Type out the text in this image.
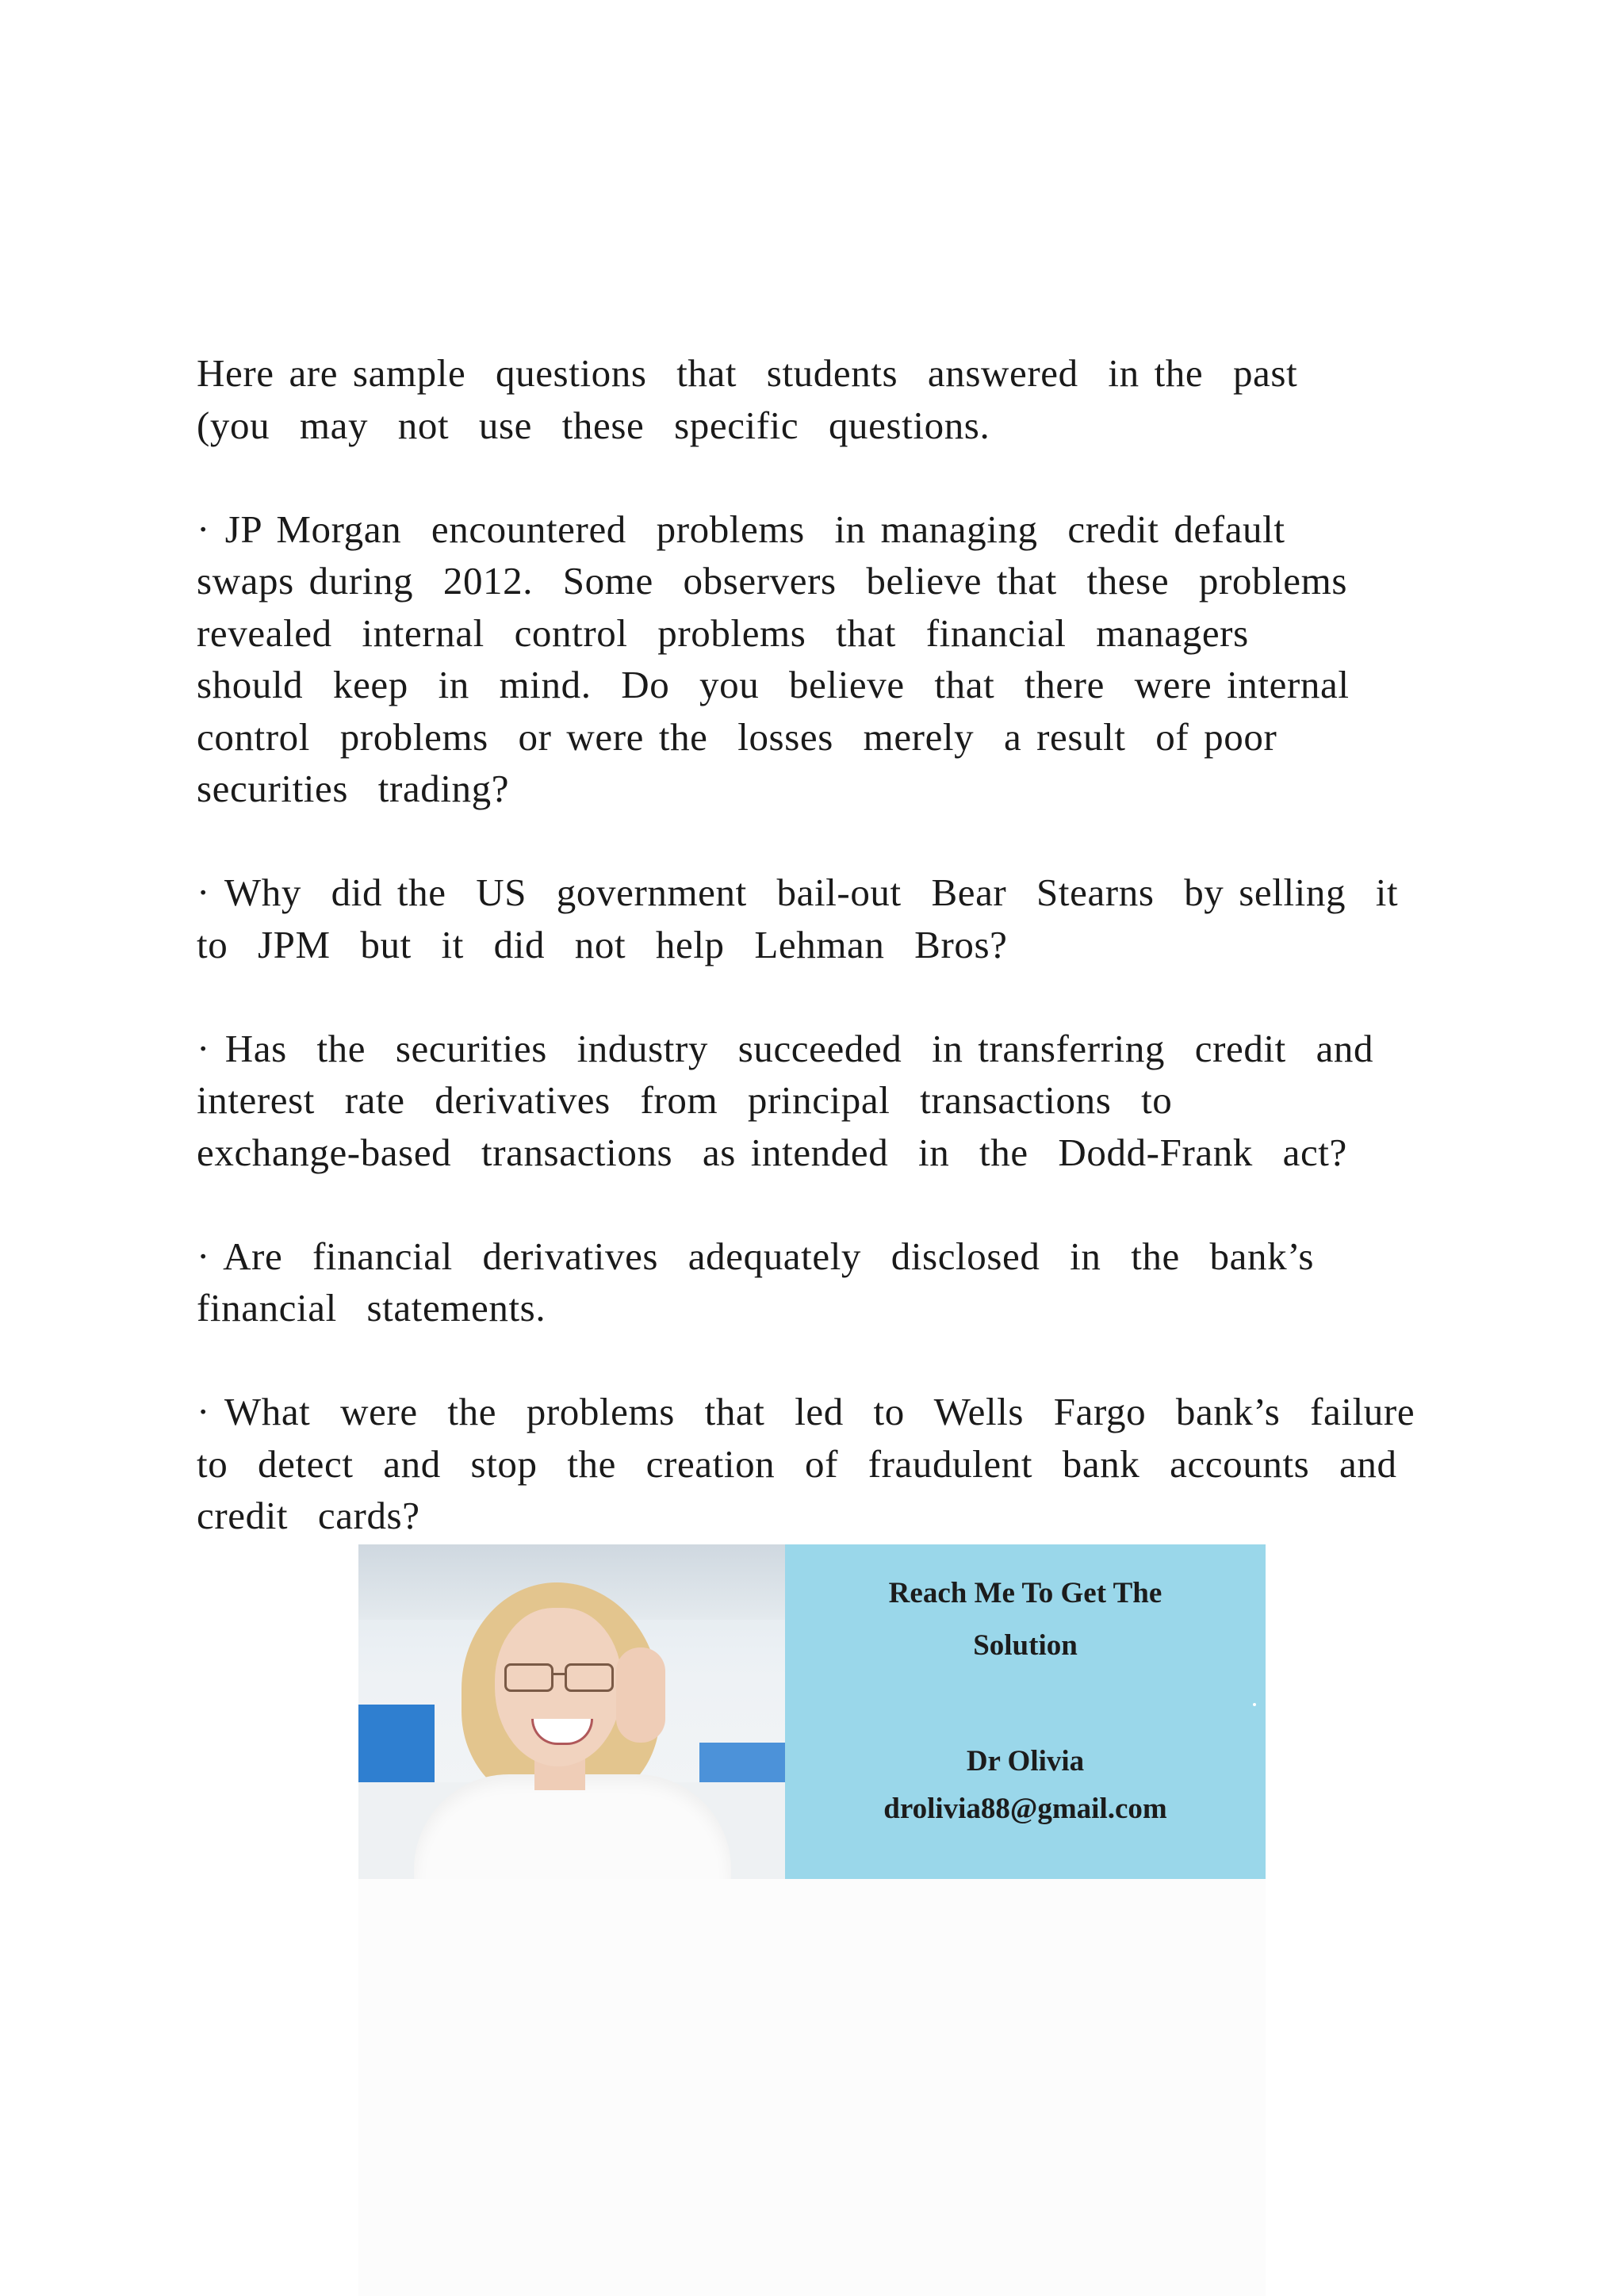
Here are sample  questions  that  students  answered  in the  past
(you  may  not  use  these  specific  questions.

· JP Morgan  encountered  problems  in managing  credit default
swaps during  2012.  Some  observers  believe that  these  problems
revealed  internal  control  problems  that  financial  managers
should  keep  in  mind.  Do  you  believe  that  there  were internal
control  problems  or were the  losses  merely  a result  of poor
securities  trading?

· Why  did the  US  government  bail-out  Bear  Stearns  by selling  it
to  JPM  but  it  did  not  help  Lehman  Bros?

· Has  the  securities  industry  succeeded  in transferring  credit  and
interest  rate  derivatives  from  principal  transactions  to
exchange-based  transactions  as intended  in  the  Dodd-Frank  act?

· Are  financial  derivatives  adequately  disclosed  in  the  bank’s
financial  statements.

· What  were  the  problems  that  led  to  Wells  Fargo  bank’s  failure
to  detect  and  stop  the  creation  of  fraudulent  bank  accounts  and
credit  cards?

Reach Me To Get The
Solution
Dr Olivia
drolivia88@gmail.com
